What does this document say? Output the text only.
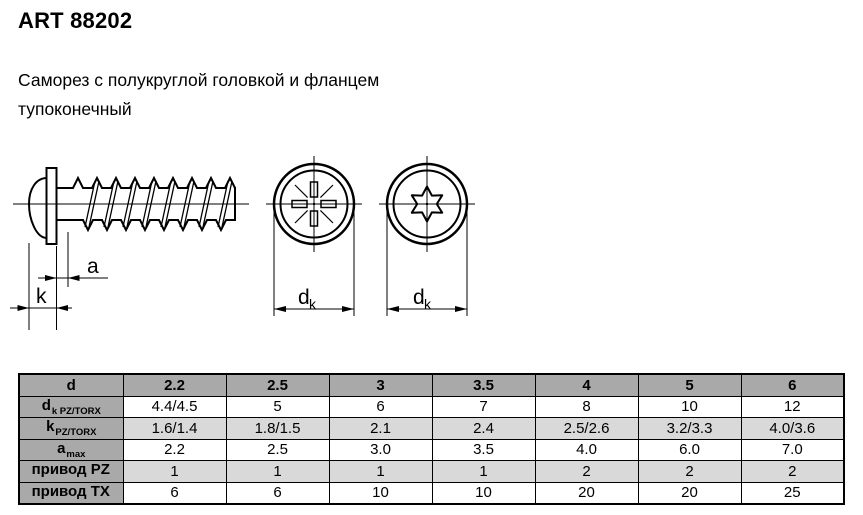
ART 88202
Саморез с полукруглой головкой и фланцем
тупоконечный
a
k	d k	d k
d	2.2	2.5	3	3.5	4	5	6
$d_{k PZ/TORX}$	4.4/4.5	5	6	7	8	10	12
$k_{PZ/TORX}$	1.6/1.4	1.8/1.5	2.1	2.4	2.5/2.6	3.2/3.3	4.0/3.6
$a_{max}$	2.2	2.5	3.0	3.5	4.0	6.0	7.0
привод PZ	1	1	1	1	2	2	2
привод TX	6	6	10	10	20	20	25
